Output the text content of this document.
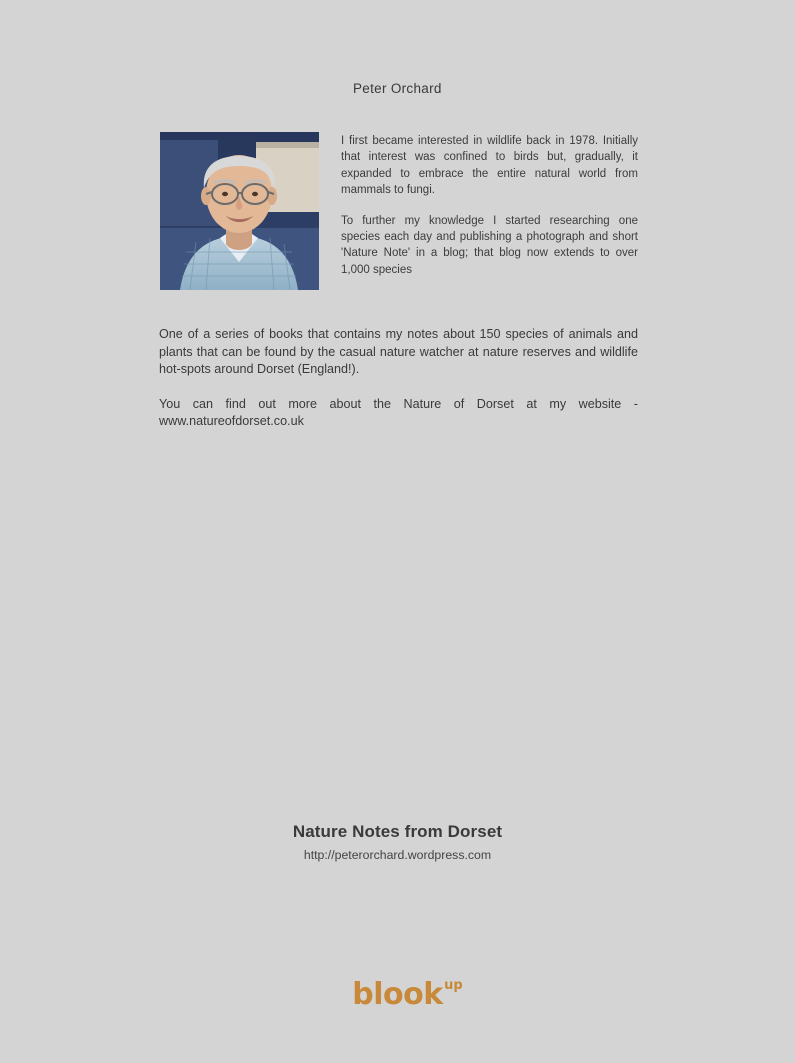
Peter Orchard

I first became interested in wildlife back in 1978. Initially that interest was confined to birds but, gradually, it expanded to embrace the entire natural world from mammals to fungi.

To further my knowledge I started researching one species each day and publishing a photograph and short 'Nature Note' in a blog; that blog now extends to over 1,000 species

One of a series of books that contains my notes about 150 species of animals and plants that can be found by the casual nature watcher at nature reserves and wildlife hot-spots around Dorset (England!).

You can find out more about the Nature of Dorset at my website - www.natureofdorset.co.uk

Nature Notes from Dorset
http://peterorchard.wordpress.com
blook up
